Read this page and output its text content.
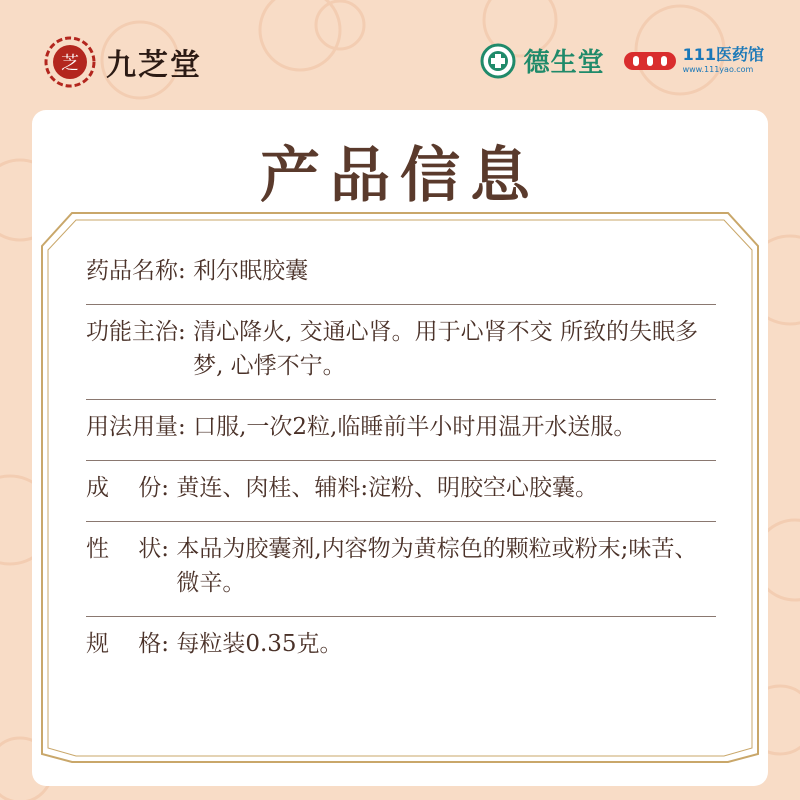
芝 九芝堂	德生堂	111医药馆
www.111yao.com
产品信息
药品名称: 利尔眠胶囊
功能主治: 清心降火, 交通心肾。用于心肾不交 所致的失眠多梦, 心悸不宁。
用法用量: 口服,一次2粒,临睡前半小时用温开水送服。
成    份: 黄连、肉桂、辅料:淀粉、明胶空心胶囊。
性    状: 本品为胶囊剂,内容物为黄棕色的颗粒或粉末;味苦、微辛。
规    格: 每粒装0.35克。
